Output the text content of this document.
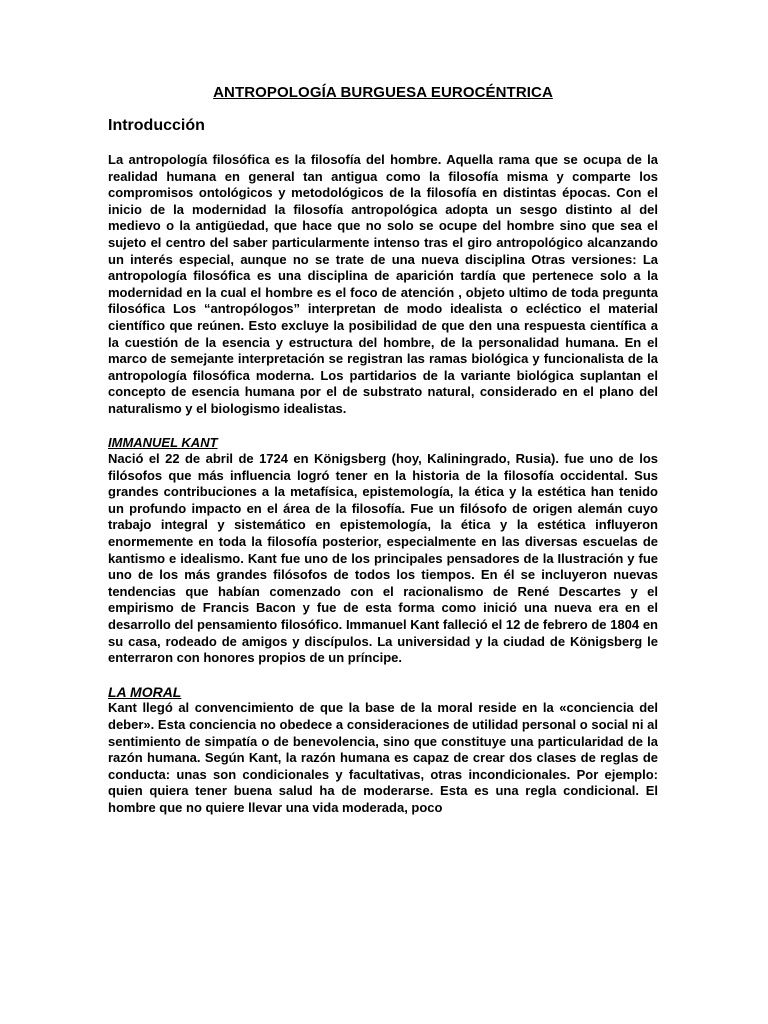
ANTROPOLOGÍA BURGUESA EUROCÉNTRICA
Introducción

La antropología filosófica es la filosofía del hombre. Aquella rama que se ocupa de la realidad humana en general tan antigua como la filosofía misma y comparte los compromisos ontológicos y metodológicos de la filosofía en distintas épocas. Con el inicio de la modernidad la filosofía antropológica adopta un sesgo distinto al del medievo o la antigüedad, que hace que no solo se ocupe del hombre sino que sea el sujeto el centro del saber particularmente intenso tras el giro antropológico alcanzando un interés especial, aunque no se trate de una nueva disciplina Otras versiones: La antropología filosófica es una disciplina de aparición tardía que pertenece solo a la modernidad en la cual el hombre es el foco de atención , objeto ultimo de toda pregunta filosófica Los “antropólogos” interpretan de modo idealista o ecléctico el material científico que reúnen. Esto excluye la posibilidad de que den una respuesta científica a la cuestión de la esencia y estructura del hombre, de la personalidad humana. En el marco de semejante interpretación se registran las ramas biológica y funcionalista de la antropología filosófica moderna. Los partidarios de la variante biológica suplantan el concepto de esencia humana por el de substrato natural, considerado en el plano del naturalismo y el biologismo idealistas.

IMMANUEL KANT

Nació el 22 de abril de 1724 en Königsberg (hoy, Kaliningrado, Rusia). fue uno de los filósofos que más influencia logró tener en la historia de la filosofía occidental. Sus grandes contribuciones a la metafísica, epistemología, la ética y la estética han tenido un profundo impacto en el área de la filosofía. Fue un filósofo de origen alemán cuyo trabajo integral y sistemático en epistemología, la ética y la estética influyeron enormemente en toda la filosofía posterior, especialmente en las diversas escuelas de kantismo e idealismo. Kant fue uno de los principales pensadores de la Ilustración y fue uno de los más grandes filósofos de todos los tiempos. En él se incluyeron nuevas tendencias que habían comenzado con el racionalismo de René Descartes y el empirismo de Francis Bacon y fue de esta forma como inició una nueva era en el desarrollo del pensamiento filosófico. Immanuel Kant falleció el 12 de febrero de 1804 en su casa, rodeado de amigos y discípulos. La universidad y la ciudad de Königsberg le enterraron con honores propios de un príncipe.

LA MORAL

Kant llegó al convencimiento de que la base de la moral reside en la «conciencia del deber». Esta conciencia no obedece a consideraciones de utilidad personal o social ni al sentimiento de simpatía o de benevolencia, sino que constituye una particularidad de la razón humana. Según Kant, la razón humana es capaz de crear dos clases de reglas de conducta: unas son condicionales y facultativas, otras incondicionales. Por ejemplo: quien quiera tener buena salud ha de moderarse. Esta es una regla condicional. El hombre que no quiere llevar una vida moderada, poco
